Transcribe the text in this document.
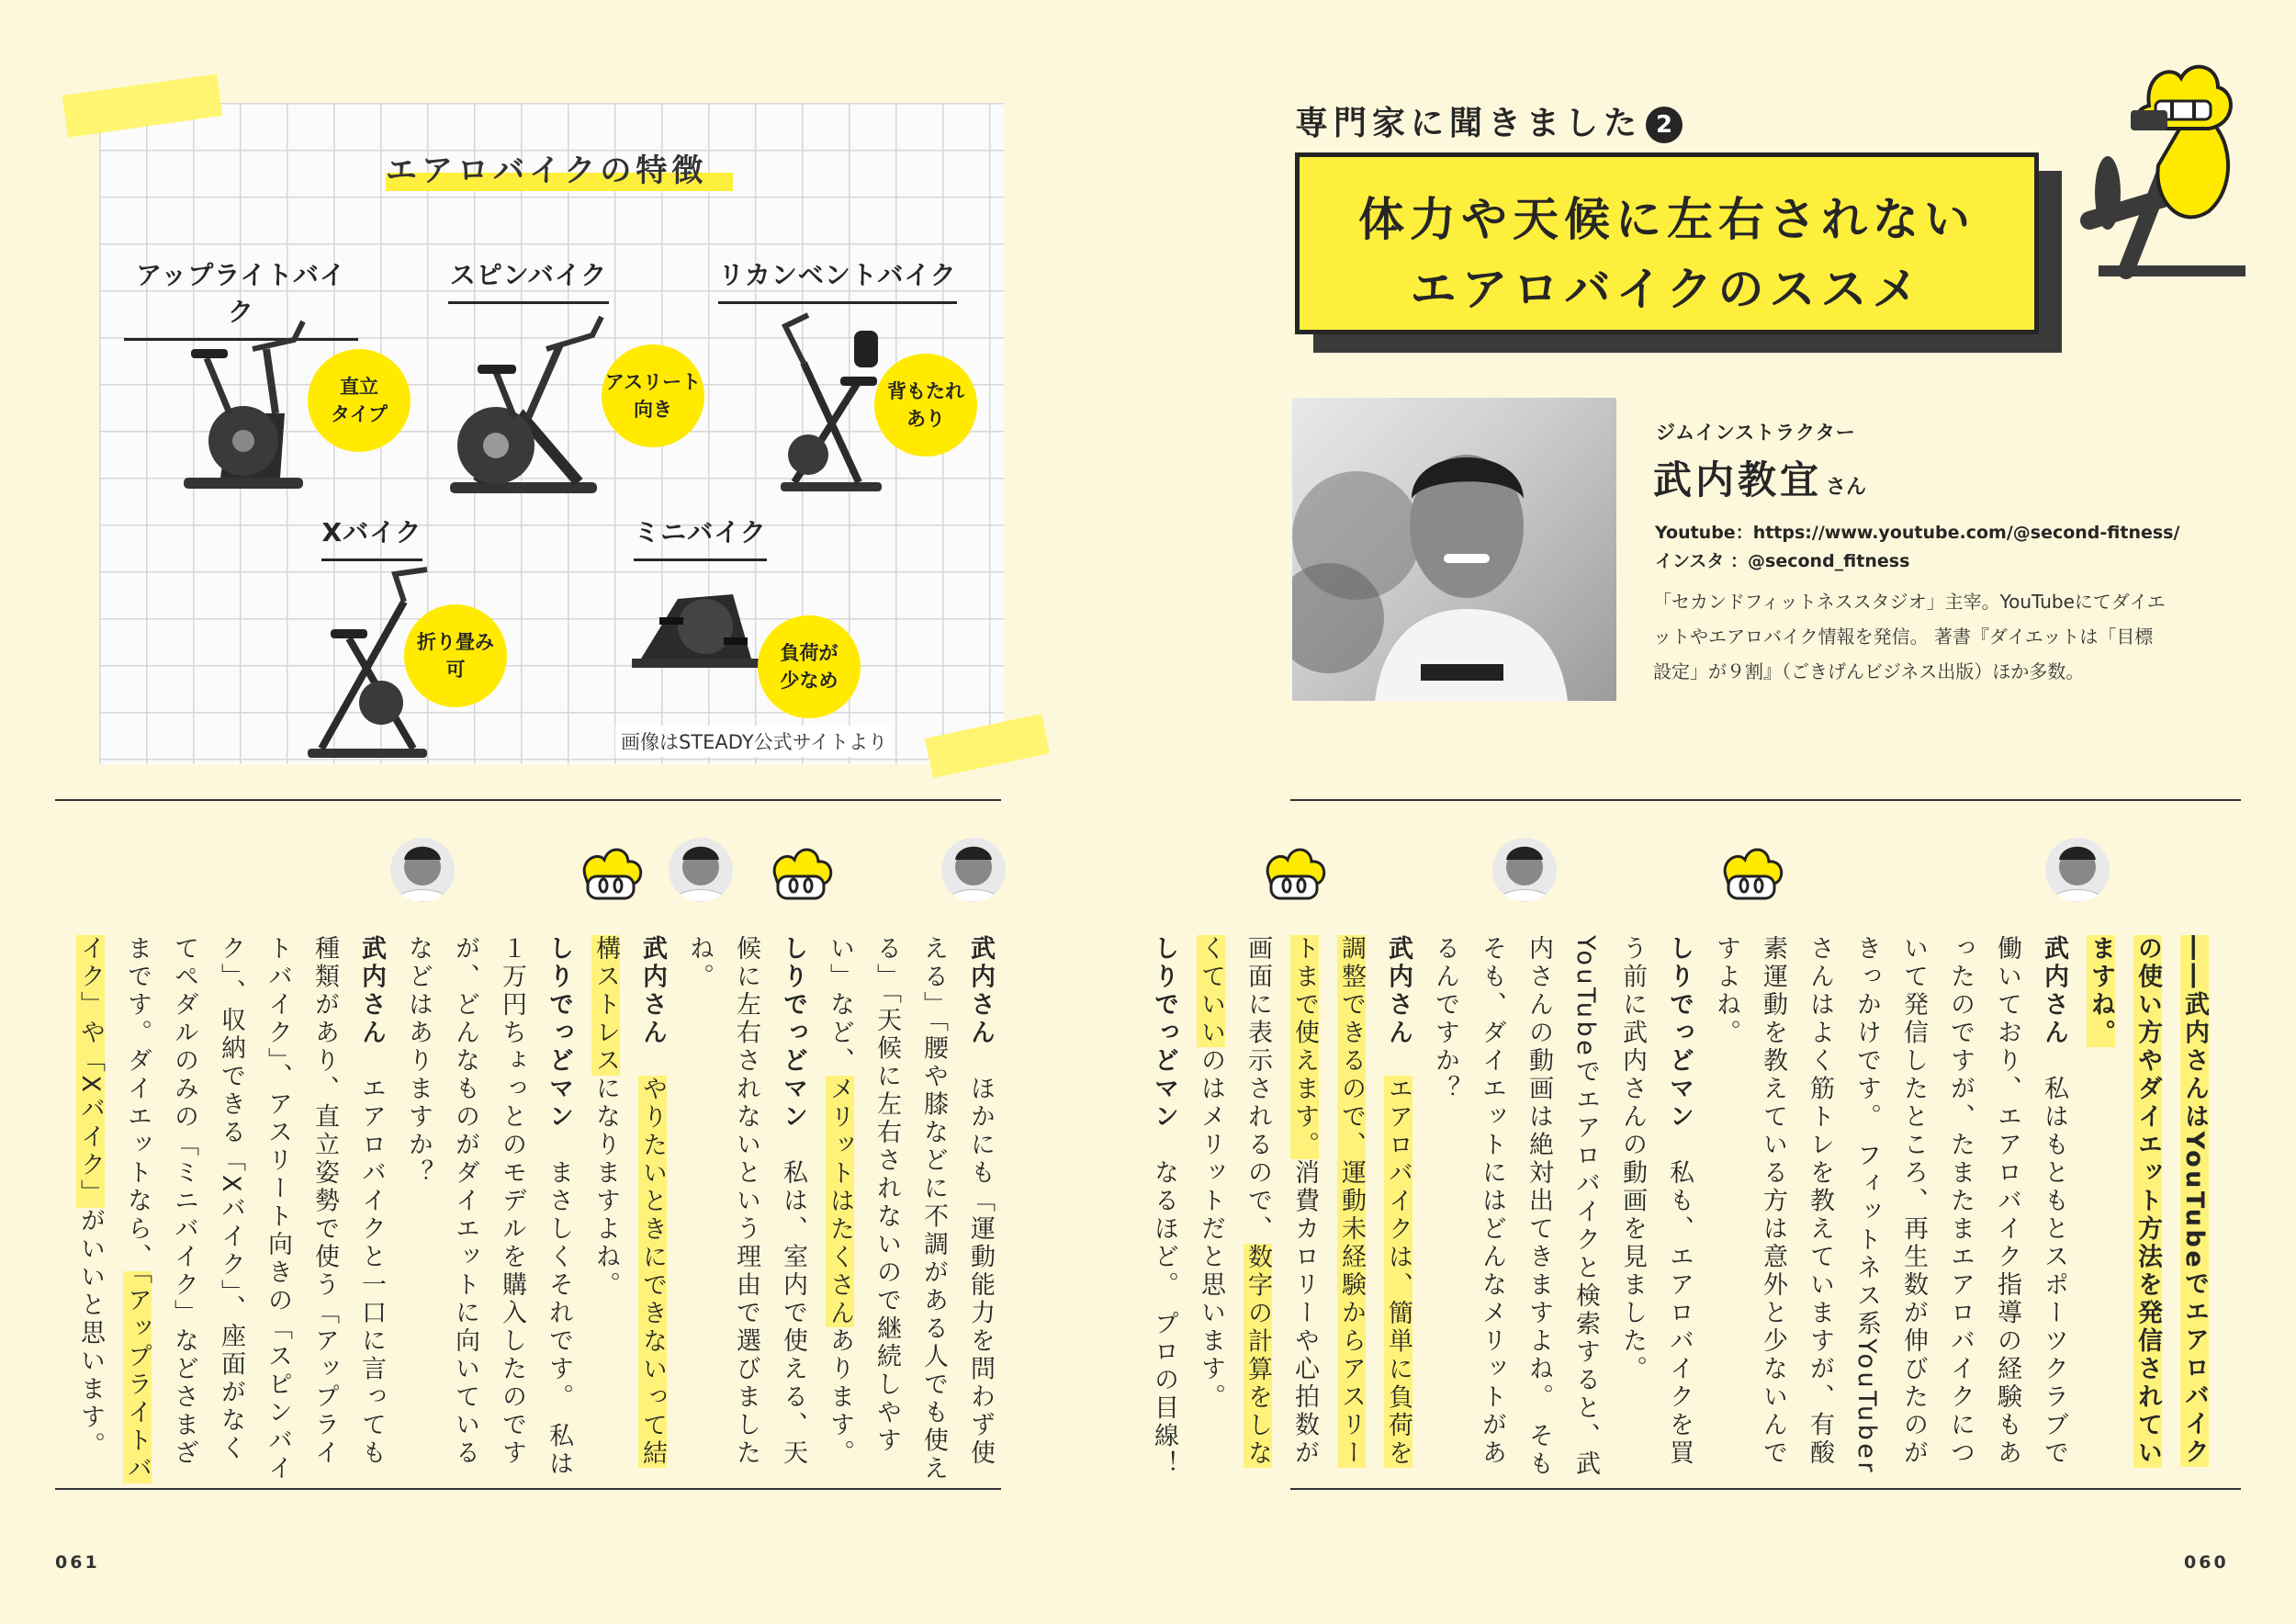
エアロバイクの特徴
アップライトバイク
スピンバイク	リカンベントバイク
Xバイク	ミニバイク
直立
タイプ
アスリート
向き
背もたれ
あり
折り畳み
可
負荷が
少なめ
画像はSTEADY公式サイトより
専門家に聞きました 2
体力や天候に左右されない
エアロバイクのススメ
ジムインストラクター
武内教宜 さん
Youtube：https://www.youtube.com/@second-fitness/
インスタ ：@second_fitness
「セカンドフィットネススタジオ」主宰。YouTubeにてダイエットやエアロバイク情報を発信。 著書『ダイエットは「目標設定」が９割』（ごきげんビジネス出版）ほか多数。
061	060
――武内さんはYouTubeでエアロバイクの使い方やダイエット方法を発信されていますね。
武内さん　私はもともとスポーツクラブで働いており、エアロバイク指導の経験もあったのですが、たまたまエアロバイクについて発信したところ、再生数が伸びたのがきっかけです。 フィットネス系YouTuberさんはよく筋トレを教えていますが、有酸素運動を教えている方は意外と少ないんですよね。
しりでっどマン　私も、エアロバイクを買う前に武内さんの動画を見ました。YouTubeでエアロバイクと検索すると、武内さんの動画は絶対出てきますよね。 そもそも、ダイエットにはどんなメリットがあるんですか？
武内さん　エアロバイクは、簡単に負荷を調整できるので、運動未経験からアスリートまで使えます。消費カロリーや心拍数が画面に表示されるので、数字の計算をしなくていいのはメリットだと思います。
しりでっどマン　なるほど。 プロの目線！
武内さん　ほかにも「運動能力を問わず使える」「腰や膝などに不調がある人でも使える」「天候に左右されないので継続しやすい」など、メリットはたくさんあります。
しりでっどマン　私は、室内で使える、天候に左右されないという理由で選びましたね。
武内さん　やりたいときにできないって結構ストレスになりますよね。
しりでっどマン　まさしくそれです。 私は１万円ちょっとのモデルを購入したのですが、どんなものがダイエットに向いているなどはありますか？
武内さん　エアロバイクと一口に言っても種類があり、直立姿勢で使う「アップライトバイク」、アスリート向きの「スピンバイク」、収納できる「Xバイク」、座面がなくてペダルのみの「ミニバイク」などさまざまです。ダイエットなら、「アップライトバイク」や「Xバイク」がいいと思います。
